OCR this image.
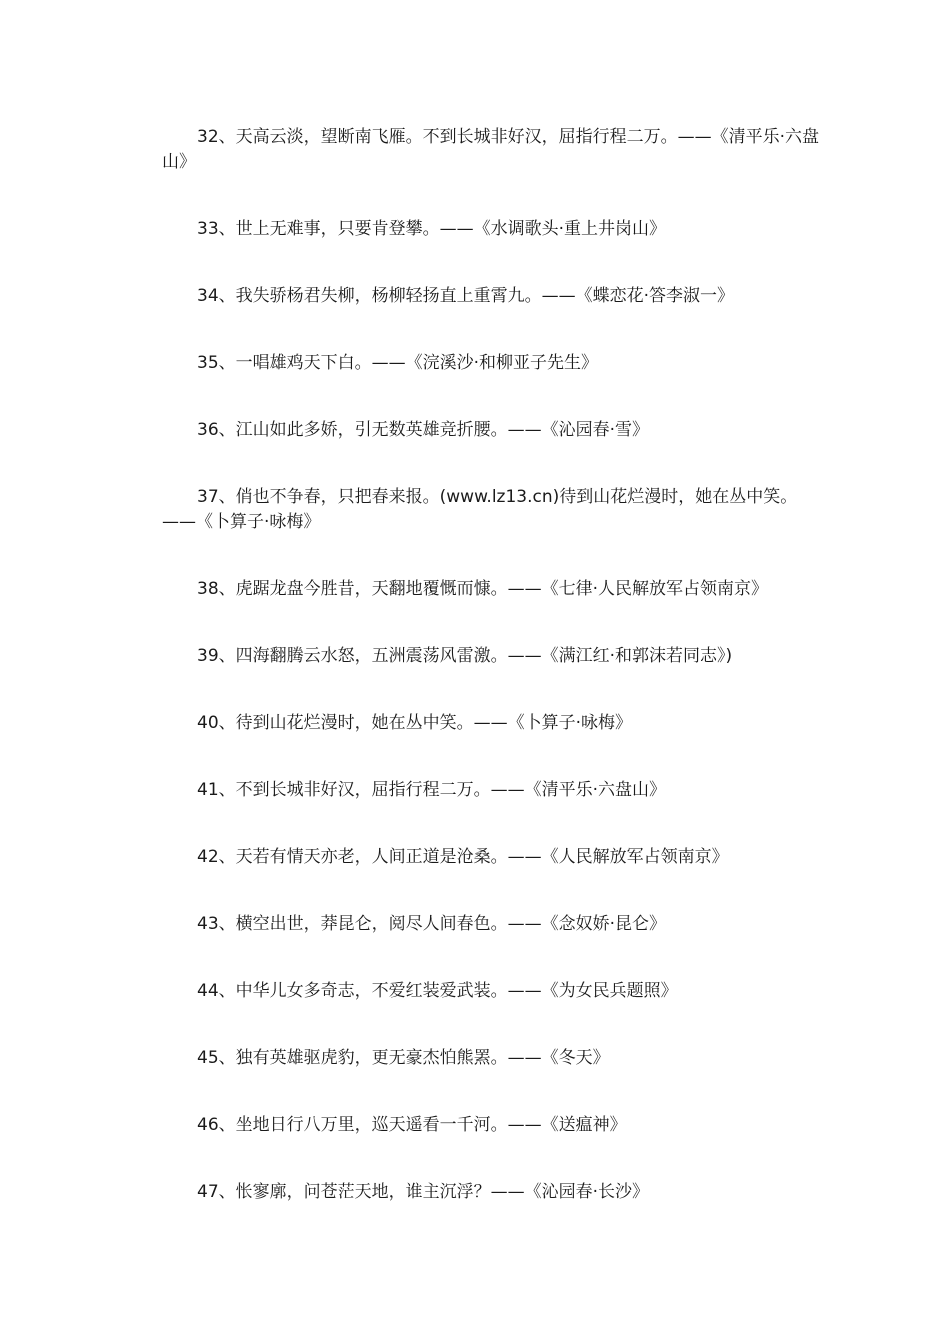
32、天高云淡，望断南飞雁。不到长城非好汉，屈指行程二万。——《清平乐·六盘山》

33、世上无难事，只要肯登攀。——《水调歌头·重上井岗山》

34、我失骄杨君失柳，杨柳轻扬直上重霄九。——《蝶恋花·答李淑一》

35、一唱雄鸡天下白。——《浣溪沙·和柳亚子先生》

36、江山如此多娇，引无数英雄竞折腰。——《沁园春·雪》

37、俏也不争春，只把春来报。(www.lz13.cn)待到山花烂漫时，她在丛中笑。——《卜算子·咏梅》

38、虎踞龙盘今胜昔，天翻地覆慨而慷。——《七律·人民解放军占领南京》

39、四海翻腾云水怒，五洲震荡风雷激。——《满江红·和郭沫若同志》)

40、待到山花烂漫时，她在丛中笑。——《卜算子·咏梅》

41、不到长城非好汉，屈指行程二万。——《清平乐·六盘山》

42、天若有情天亦老，人间正道是沧桑。——《人民解放军占领南京》

43、横空出世，莽昆仑，阅尽人间春色。——《念奴娇·昆仑》

44、中华儿女多奇志，不爱红装爱武装。——《为女民兵题照》

45、独有英雄驱虎豹，更无豪杰怕熊罴。——《冬天》

46、坐地日行八万里，巡天遥看一千河。——《送瘟神》

47、怅寥廓，问苍茫天地，谁主沉浮？——《沁园春·长沙》
